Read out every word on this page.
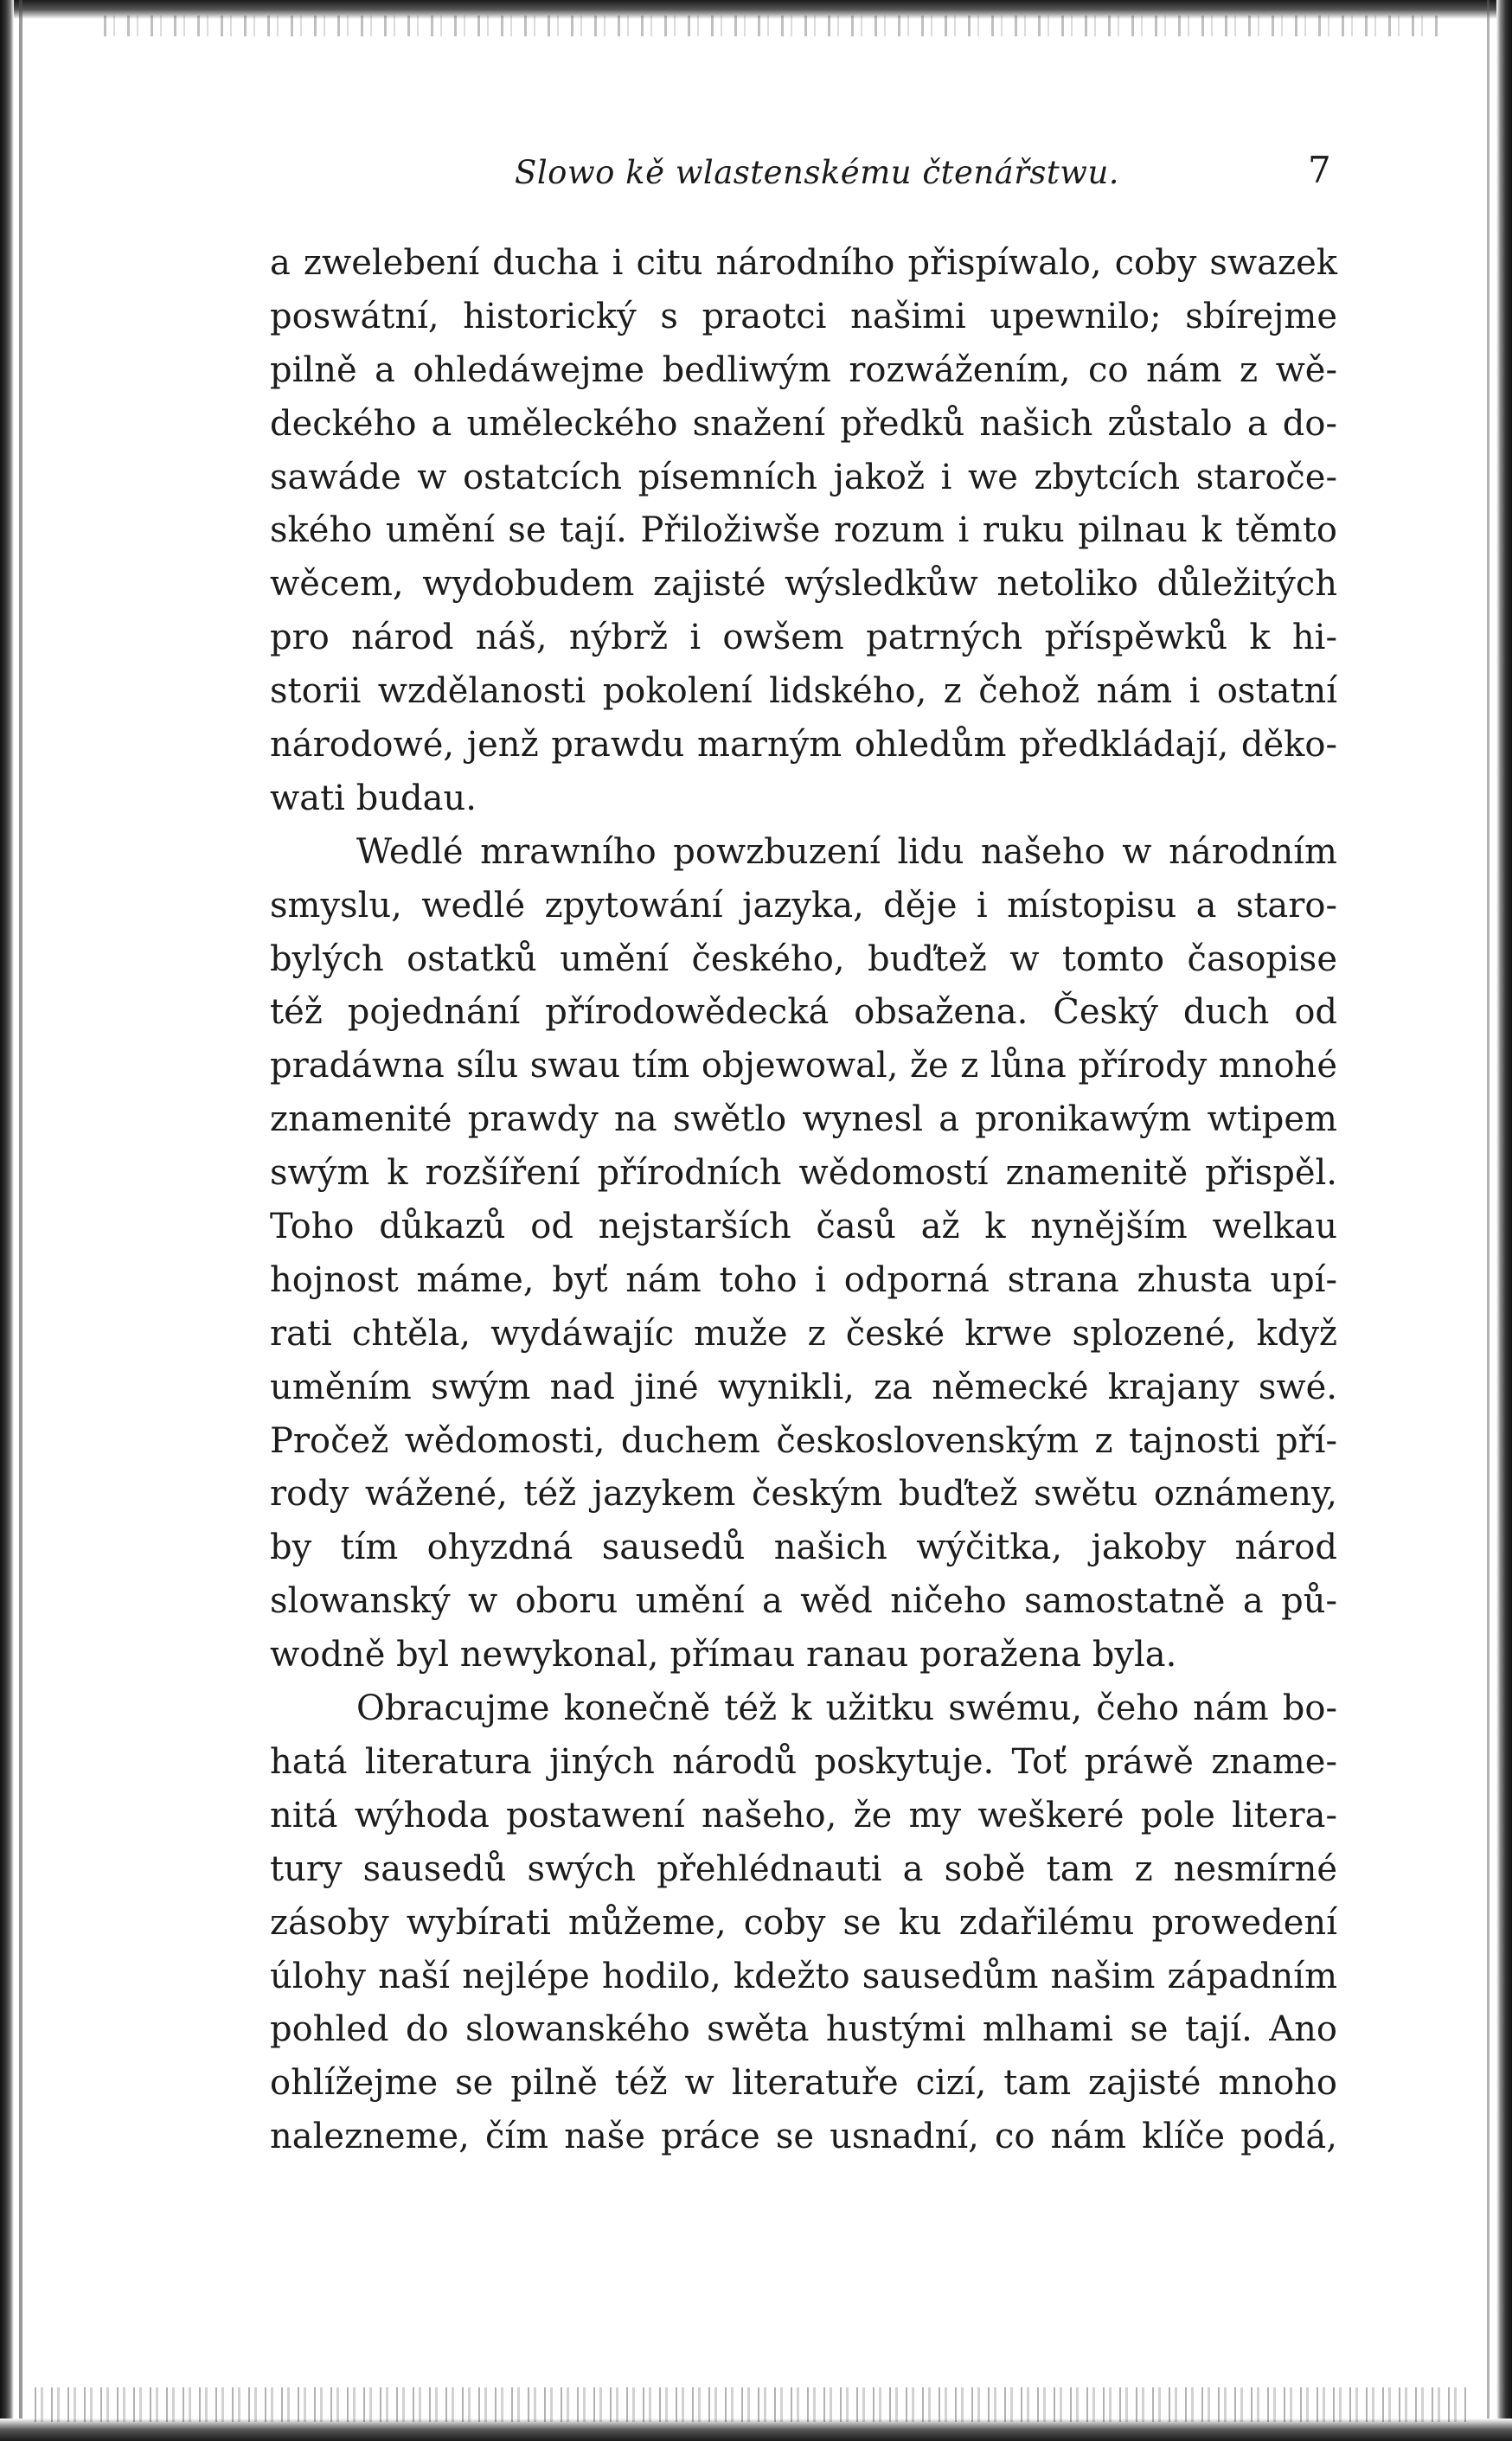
Slowo kě wlastenskému čtenářstwu.	7
a zwelebení ducha i citu národního přispíwalo, coby swazek
poswátní, historický s praotci našimi upewnilo; sbírejme
pilně a ohledáwejme bedliwým rozwážením, co nám z wě-
deckého a uměleckého snažení předků našich zůstalo a do-
sawáde w ostatcích písemních jakož i we zbytcích staroče-
ského umění se tají. Přiložiwše rozum i ruku pilnau k těmto
wěcem, wydobudem zajisté wýsledkůw netoliko důležitých
pro národ náš, nýbrž i owšem patrných příspěwků k hi-
storii wzdělanosti pokolení lidského, z čehož nám i ostatní
národowé, jenž prawdu marným ohledům předkládají, děko-
wati budau.
Wedlé mrawního powzbuzení lidu našeho w národním
smyslu, wedlé zpytowání jazyka, děje i místopisu a staro-
bylých ostatků umění českého, buďtež w tomto časopise
též pojednání přírodowědecká obsažena. Český duch od
pradáwna sílu swau tím objewowal, že z lůna přírody mnohé
znamenité prawdy na swětlo wynesl a pronikawým wtipem
swým k rozšíření přírodních wědomostí znamenitě přispěl.
Toho důkazů od nejstarších časů až k nynějším welkau
hojnost máme, byť nám toho i odporná strana zhusta upí-
rati chtěla, wydáwajíc muže z české krwe splozené, když
uměním swým nad jiné wynikli, za německé krajany swé.
Pročež wědomosti, duchem československým z tajnosti pří-
rody wážené, též jazykem českým buďtež swětu oznámeny,
by tím ohyzdná sausedů našich wýčitka, jakoby národ
slowanský w oboru umění a wěd ničeho samostatně a pů-
wodně byl newykonal, přímau ranau poražena byla.
Obracujme konečně též k užitku swému, čeho nám bo-
hatá literatura jiných národů poskytuje. Toť práwě zname-
nitá wýhoda postawení našeho, že my weškeré pole litera-
tury sausedů swých přehlédnauti a sobě tam z nesmírné
zásoby wybírati můžeme, coby se ku zdařilému prowedení
úlohy naší nejlépe hodilo, kdežto sausedům našim západním
pohled do slowanského swěta hustými mlhami se tají. Ano
ohlížejme se pilně též w literatuře cizí, tam zajisté mnoho
nalezneme, čím naše práce se usnadní, co nám klíče podá,
